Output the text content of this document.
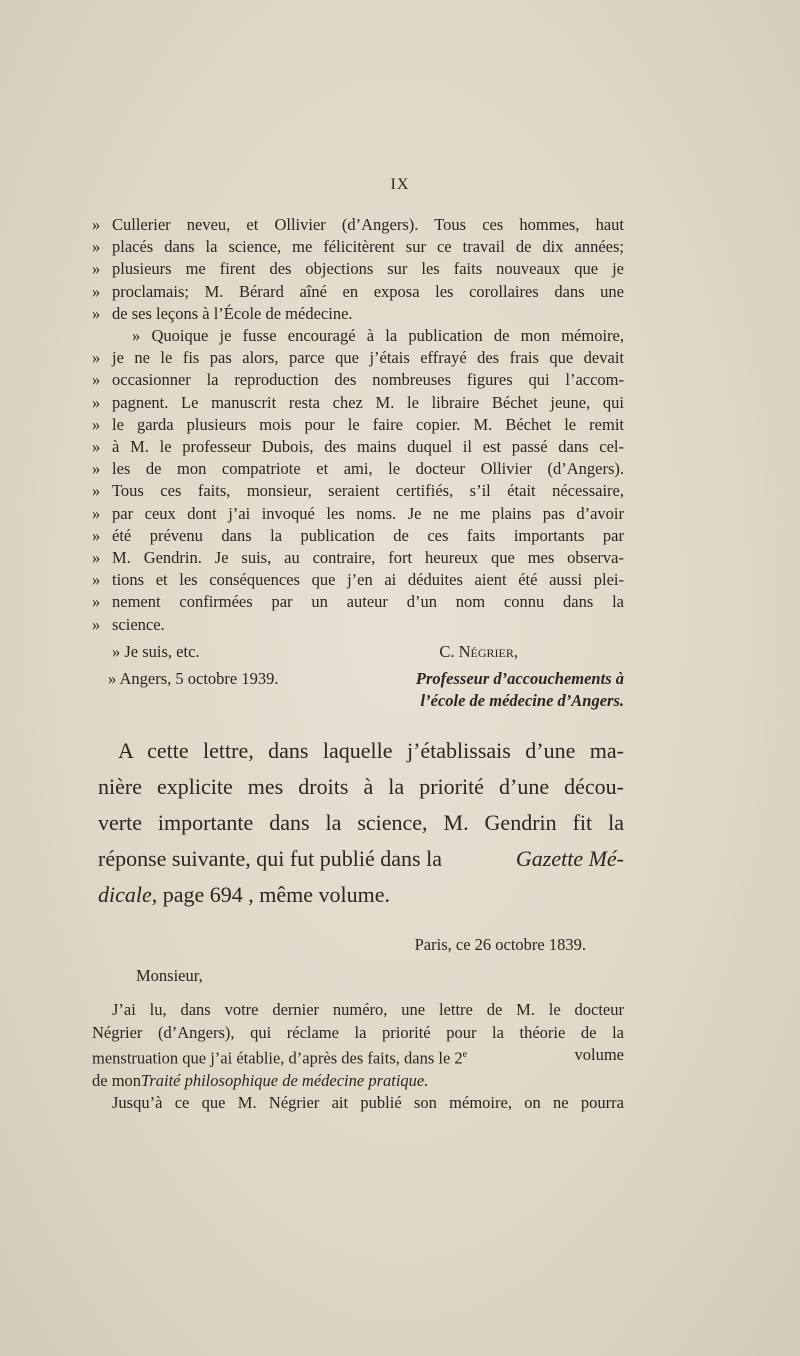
IX
» Cullerier neveu, et Ollivier (d’Angers). Tous ces hommes, haut
» placés dans la science, me félicitèrent sur ce travail de dix années;
» plusieurs me firent des objections sur les faits nouveaux que je
» proclamais; M. Bérard aîné en exposa les corollaires dans une
» de ses leçons à l’École de médecine.
» Quoique je fusse encouragé à la publication de mon mémoire,
» je ne le fis pas alors, parce que j’étais effrayé des frais que devait
» occasionner la reproduction des nombreuses figures qui l’accom-
» pagnent. Le manuscrit resta chez M. le libraire Béchet jeune, qui
» le garda plusieurs mois pour le faire copier. M. Béchet le remit
» à M. le professeur Dubois, des mains duquel il est passé dans cel-
» les de mon compatriote et ami, le docteur Ollivier (d’Angers).
» Tous ces faits, monsieur, seraient certifiés, s’il était nécessaire,
» par ceux dont j’ai invoqué les noms. Je ne me plains pas d’avoir
» été prévenu dans la publication de ces faits importants par
» M. Gendrin. Je suis, au contraire, fort heureux que mes observa-
» tions et les conséquences que j’en ai déduites aient été aussi plei-
» nement confirmées par un auteur d’un nom connu dans la
» science.
» Je suis, etc.	C. Négrier,
» Angers, 5 octobre 1939.	Professeur d’accouchements à
l’école de médecine d’Angers.
A cette lettre, dans laquelle j’établissais d’une ma-
nière explicite mes droits à la priorité d’une décou-
verte importante dans la science, M. Gendrin fit la
réponse suivante, qui fut publié dans la	Gazette Mé-
dicale , page 694 , même volume.
Paris, ce 26 octobre 1839.
Monsieur,
J’ai lu, dans votre dernier numéro, une lettre de M. le docteur
Négrier (d’Angers), qui réclame la priorité pour la théorie de la
menstruation que j’ai établie, d’après des faits, dans le 2e	volume
de mon Traité philosophique de médecine pratique.
Jusqu’à ce que M. Négrier ait publié son mémoire, on ne pourra
